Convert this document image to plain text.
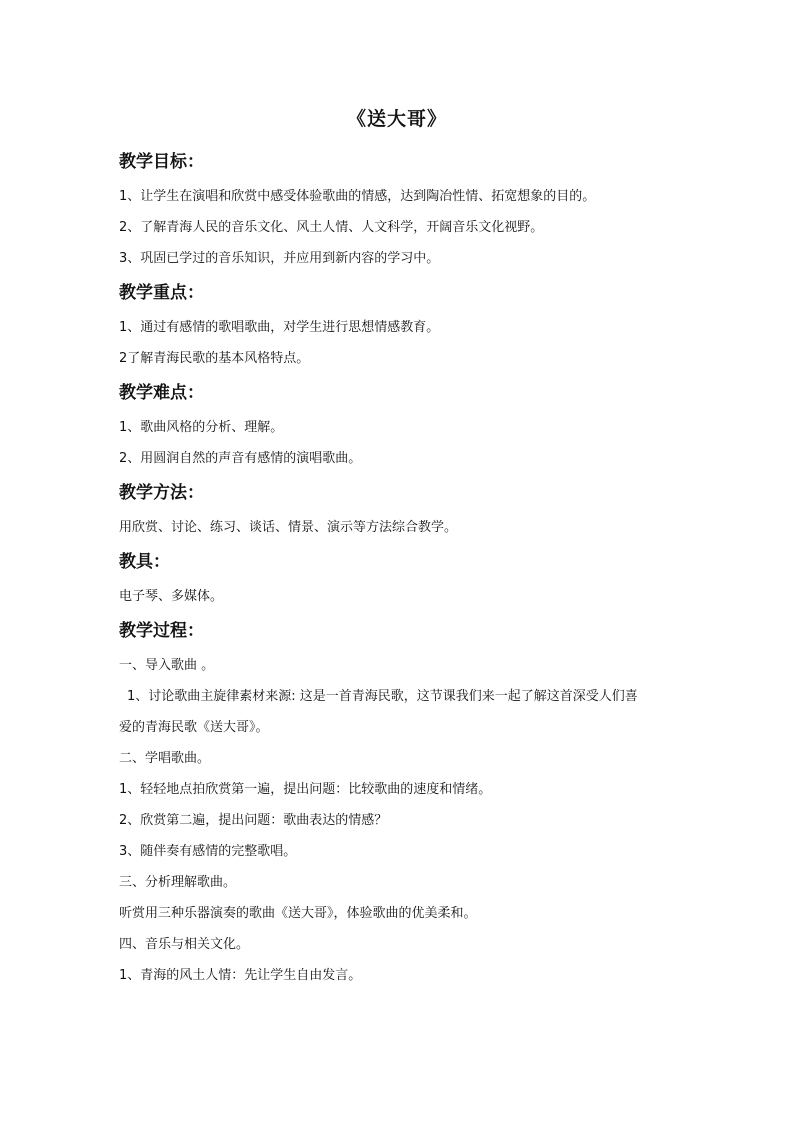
《送大哥》
教学目标：
1、让学生在演唱和欣赏中感受体验歌曲的情感，达到陶冶性情、拓宽想象的目的。
2、了解青海人民的音乐文化、风土人情、人文科学，开阔音乐文化视野。
3、巩固已学过的音乐知识，并应用到新内容的学习中。
教学重点：
1、通过有感情的歌唱歌曲，对学生进行思想情感教育。
2了解青海民歌的基本风格特点。
教学难点：
1、歌曲风格的分析、理解。
2、用圆润自然的声音有感情的演唱歌曲。
教学方法：
用欣赏、讨论、练习、谈话、情景、演示等方法综合教学。
教具：
电子琴、多媒体。
教学过程：
一、导入歌曲 。
1、讨论歌曲主旋律素材来源: 这是一首青海民歌，这节课我们来一起了解这首深受人们喜
爱的青海民歌《送大哥》。
二、学唱歌曲。
1、轻轻地点拍欣赏第一遍，提出问题：比较歌曲的速度和情绪。
2、欣赏第二遍，提出问题：歌曲表达的情感？
3、随伴奏有感情的完整歌唱。
三、分析理解歌曲。
听赏用三种乐器演奏的歌曲《送大哥》，体验歌曲的优美柔和。
四、音乐与相关文化。
1、青海的风土人情：先让学生自由发言。
